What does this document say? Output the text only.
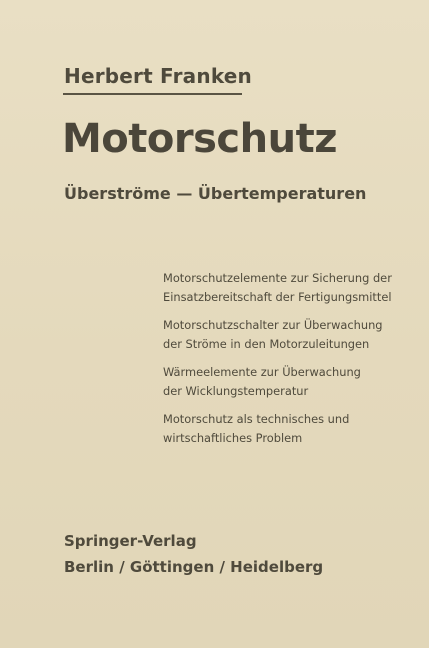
Herbert Franken
Motorschutz
Überströme — Übertemperaturen
Motorschutzelemente zur Sicherung der
Einsatzbereitschaft der Fertigungsmittel
Motorschutzschalter zur Überwachung
der Ströme in den Motorzuleitungen
Wärmeelemente zur Überwachung
der Wicklungstemperatur
Motorschutz als technisches und
wirtschaftliches Problem
Springer-Verlag
Berlin / Göttingen / Heidelberg
